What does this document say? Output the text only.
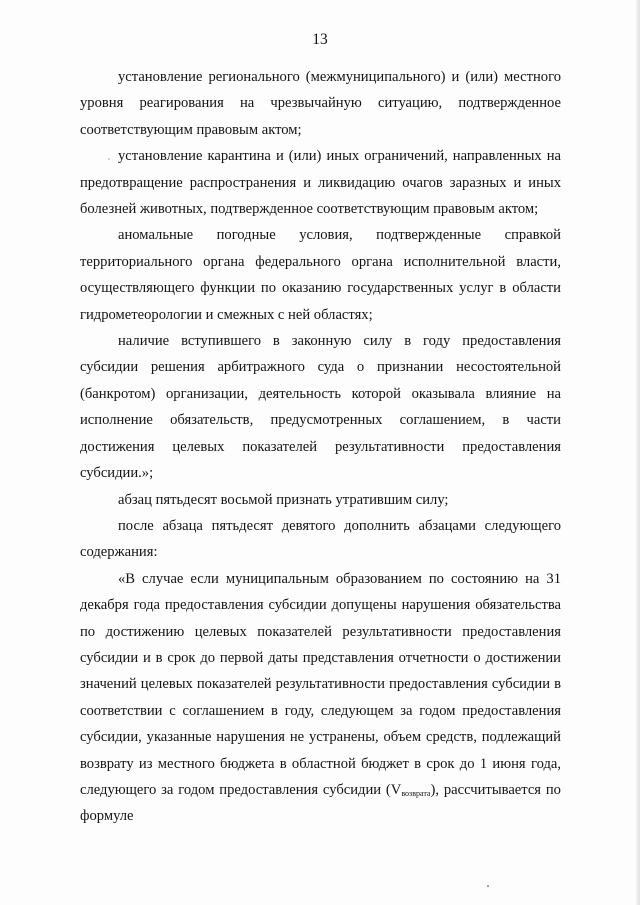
13

установление регионального (межмуниципального) и (или) местного уровня реагирования на чрезвычайную ситуацию, подтвержденное соответствующим правовым актом;

установление карантина и (или) иных ограничений, направленных на предотвращение распространения и ликвидацию очагов заразных и иных болезней животных, подтвержденное соответствующим правовым актом;

аномальные погодные условия, подтвержденные справкой территориального органа федерального органа исполнительной власти, осуществляющего функции по оказанию государственных услуг в области гидрометеорологии и смежных с ней областях;

наличие вступившего в законную силу в году предоставления субсидии решения арбитражного суда о признании несостоятельной (банкротом) организации, деятельность которой оказывала влияние на исполнение обязательств, предусмотренных соглашением, в части достижения целевых показателей результативности предоставления субсидии.»;

абзац пятьдесят восьмой признать утратившим силу;

после абзаца пятьдесят девятого дополнить абзацами следующего содержания:

«В случае если муниципальным образованием по состоянию на 31 декабря года предоставления субсидии допущены нарушения обязательства по достижению целевых показателей результативности предоставления субсидии и в срок до первой даты представления отчетности о достижении значений целевых показателей результативности предоставления субсидии в соответствии с соглашением в году, следующем за годом предоставления субсидии, указанные нарушения не устранены, объем средств, подлежащий возврату из местного бюджета в областной бюджет в срок до 1 июня года, следующего за годом предоставления субсидии $(V_{возврата})$, рассчитывается по формуле
